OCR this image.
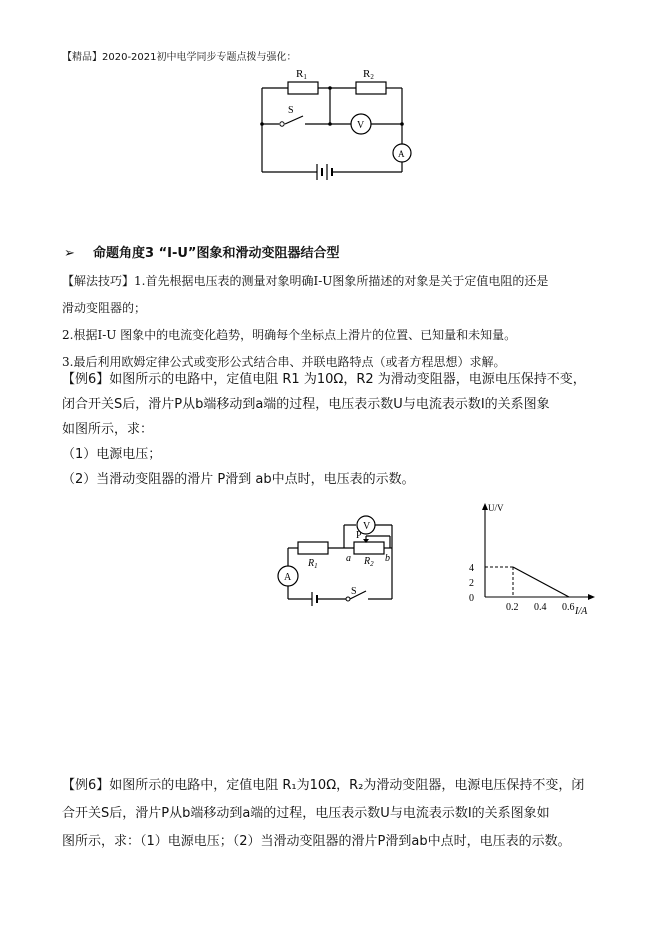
【精品】2020-2021初中电学同步专题点拨与强化：
R1	R2
S
V
A
➢ 命题角度3 “I-U”图象和滑动变阻器结合型

【解法技巧】1.首先根据电压表的测量对象明确I-U图象所描述的对象是关于定值电阻的还是

滑动变阻器的；

2.根据I-U 图象中的电流变化趋势，明确每个坐标点上滑片的位置、已知量和未知量。

3.最后利用欧姆定律公式或变形公式结合串、并联电路特点（或者方程思想）求解。

【例6】如图所示的电路中，定值电阻 R1 为10Ω，R2 为滑动变阻器，电源电压保持不变，

闭合开关S后，滑片P从b端移动到a端的过程，电压表示数U与电流表示数I的关系图象

如图所示，求：

（1）电源电压；

（2）当滑动变阻器的滑片 P滑到 ab中点时，电压表的示数。

V
A
P
$R_1$	$R_2$
a	b
S
U/V
I/A
0.2 0.4 0.6
0
2
4

【例6】如图所示的电路中，定值电阻 R₁为10Ω，R₂为滑动变阻器，电源电压保持不变，闭

合开关S后，滑片P从b端移动到a端的过程，电压表示数U与电流表示数I的关系图象如

图所示，求：（1）电源电压；（2）当滑动变阻器的滑片P滑到ab中点时，电压表的示数。
